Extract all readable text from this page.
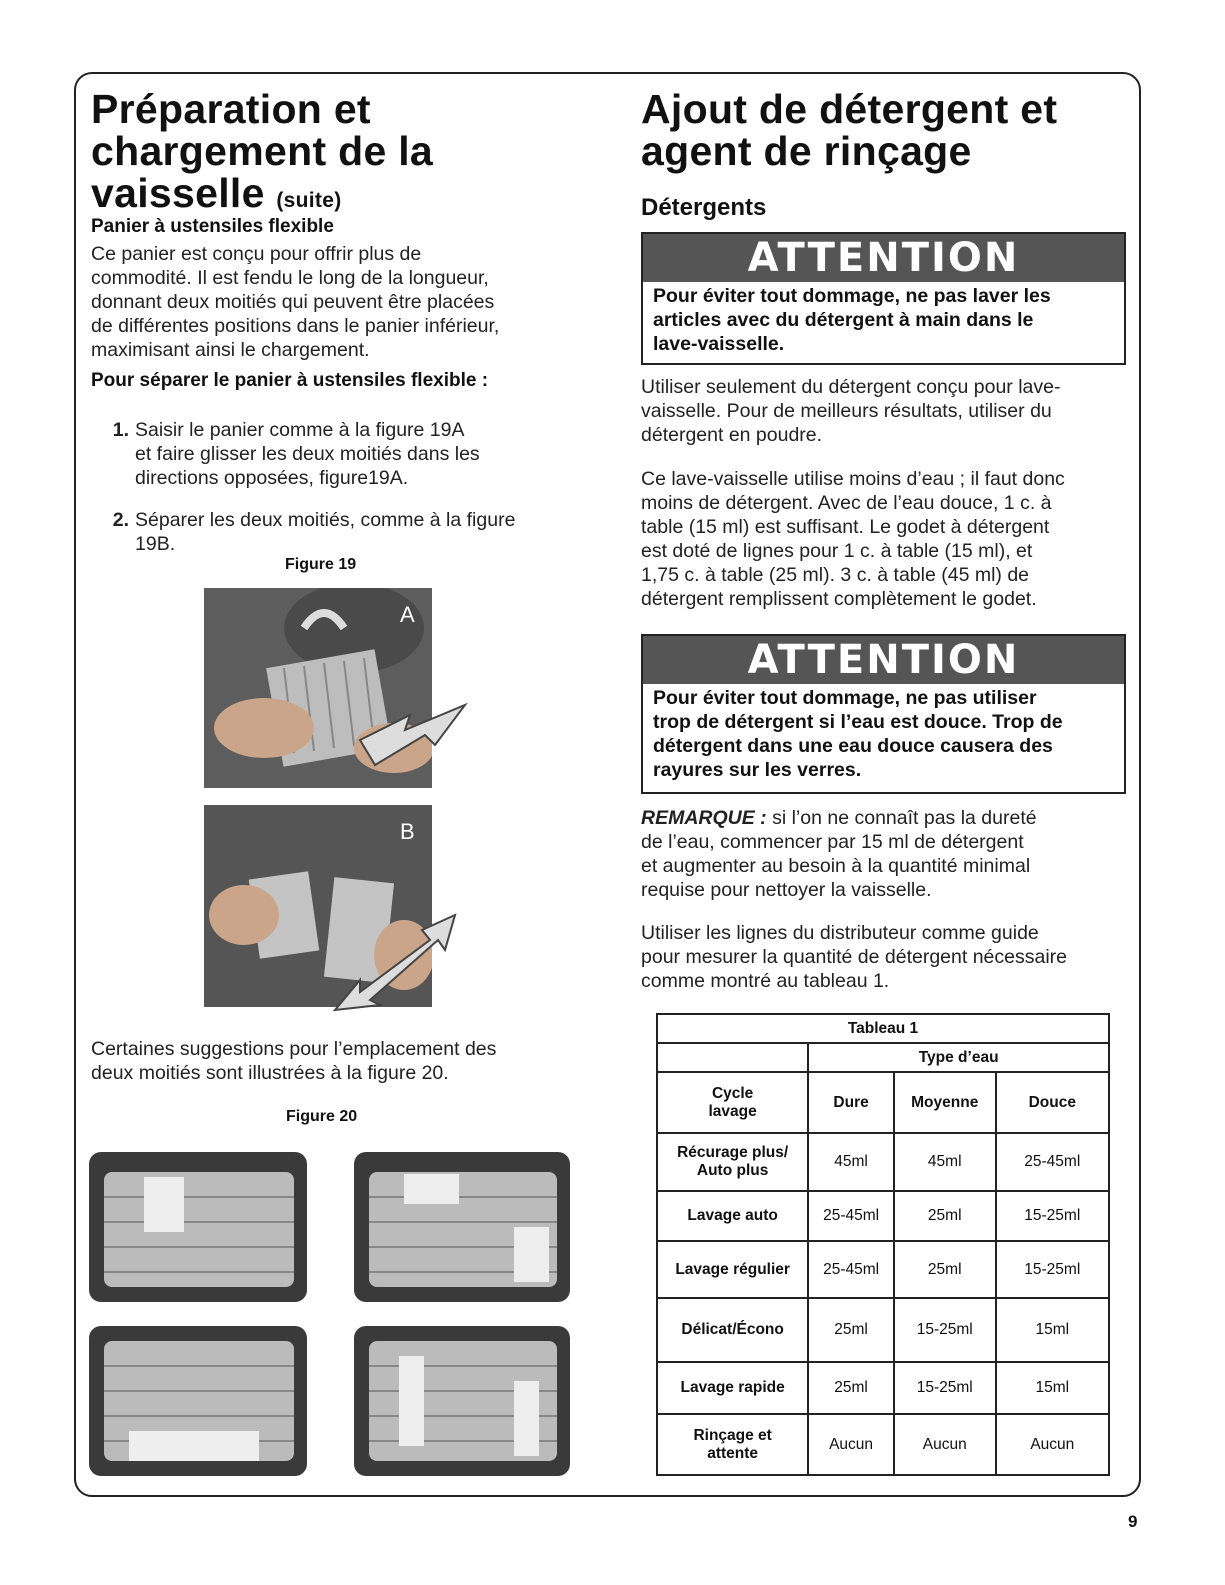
Préparation et
chargement de la
vaisselle (suite)
Panier à ustensiles flexible

Ce panier est conçu pour offrir plus de

commodité. Il est fendu le long de la longueur,

donnant deux moitiés qui peuvent être placées

de différentes positions dans le panier inférieur,

maximisant ainsi le chargement.

Pour séparer le panier à ustensiles flexible :

1. Saisir le panier comme à la figure 19A

et faire glisser les deux moitiés dans les

directions opposées, figure19A.

2. Séparer les deux moitiés, comme à la figure

19B.

Figure 19
A
B

Certaines suggestions pour l’emplacement des

deux moitiés sont illustrées à la figure 20.

Figure 20
Ajout de détergent et
agent de rinçage
Détergents
ATTENTION
Pour éviter tout dommage, ne pas laver les
articles avec du détergent à main dans le
lave-vaisselle.

Utiliser seulement du détergent conçu pour lave-

vaisselle. Pour de meilleurs résultats, utiliser du

détergent en poudre.

Ce lave-vaisselle utilise moins d’eau ; il faut donc

moins de détergent. Avec de l’eau douce, 1 c. à

table (15 ml) est suffisant. Le godet à détergent

est doté de lignes pour 1 c. à table (15 ml), et

1,75 c. à table (25 ml). 3 c. à table (45 ml) de

détergent remplissent complètement le godet.

ATTENTION
Pour éviter tout dommage, ne pas utiliser
trop de détergent si l’eau est douce. Trop de
détergent dans une eau douce causera des
rayures sur les verres.

REMARQUE : si l’on ne connaît pas la dureté

de l’eau, commencer par 15 ml de détergent

et augmenter au besoin à la quantité minimal

requise pour nettoyer la vaisselle.

Utiliser les lignes du distributeur comme guide

pour mesurer la quantité de détergent nécessaire

comme montré au tableau 1.

Tableau 1			
	Type d’eau		
Cycle
lavage	Dure	Moyenne	Douce
Récurage plus/
Auto plus	45ml	45ml	25-45ml
Lavage auto	25-45ml	25ml	15-25ml
Lavage régulier	25-45ml	25ml	15-25ml
Délicat/Écono	25ml	15-25ml	15ml
Lavage rapide	25ml	15-25ml	15ml
Rinçage et
attente	Aucun	Aucun	Aucun
9
